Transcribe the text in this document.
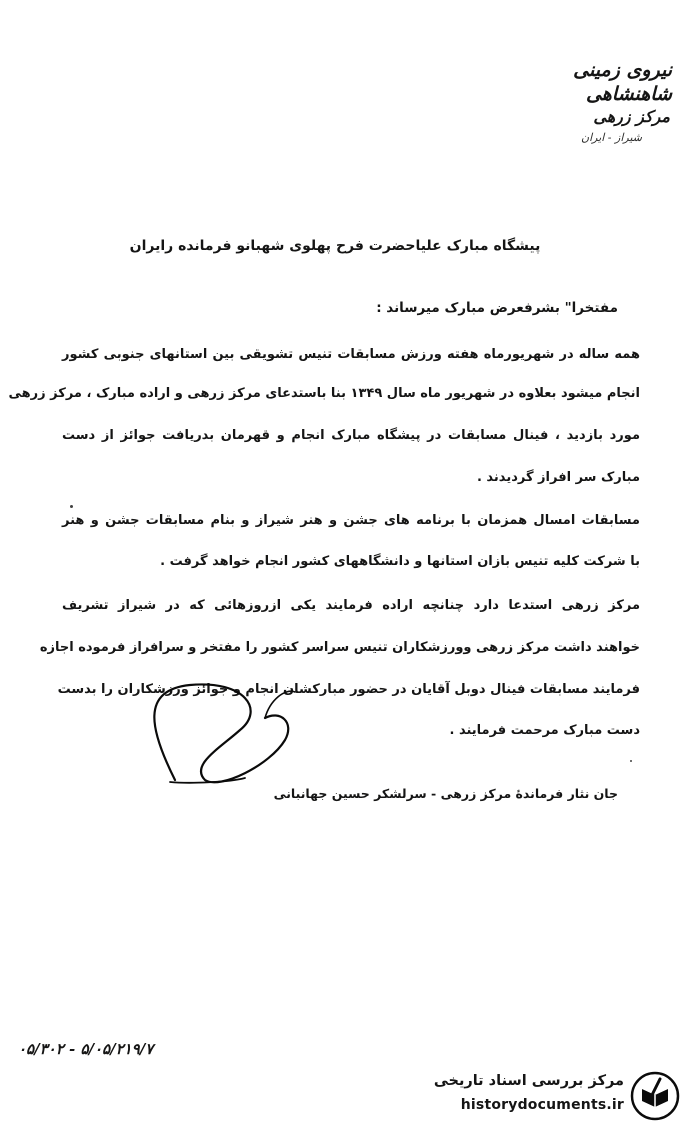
نیروی زمینی شاهنشاهی
مرکز زرهی
شیراز - ایران
پیشگاه مبارک علیاحضرت فرح پهلوی شهبانو فرمانده رایران
مفتخرا" بشرفعرض مبارک میرساند :
همه ساله در شهریورماه هفته ورزش مسابقات تنیس تشویقی بین استانهای جنوبی کشور
انجام میشود بعلاوه در شهریور ماه سال ۱۳۴۹ بنا باستدعای مرکز زرهی و اراده مبارک ، مرکز زرهی
مورد بازدید ، فینال مسابقات در پیشگاه مبارک انجام و قهرمان بدریافت جوائز از دست
مبارک سر افراز گردیدند .
مسابقات امسال همزمان با برنامه های جشن و هنر شیراز و بنام مسابقات جشن و هنر
با شرکت کلیه تنیس بازان استانها و دانشگاههای کشور انجام خواهد گرفت .
مرکز زرهی استدعا دارد چنانچه اراده فرمایند یکی ازروزهائی که در شیراز تشریف
خواهند داشت مرکز زرهی وورزشکاران تنیس سراسر کشور را مفتخر و سرافراز فرموده اجازه
فرمایند مسابقات فینال دوبل آقایان در حضور مبارکشان انجام و جوائز ورزشکاران را بدست
دست مبارک مرحمت فرمایند .
جان نثار فرماندهٔ مرکز زرهی - سرلشکر حسین جهانبانی
۵/۰۵/۲۱۹/۷ - ۰۵/۳۰۲
مرکز بررسی اسناد تاریخی
historydocuments.ir
